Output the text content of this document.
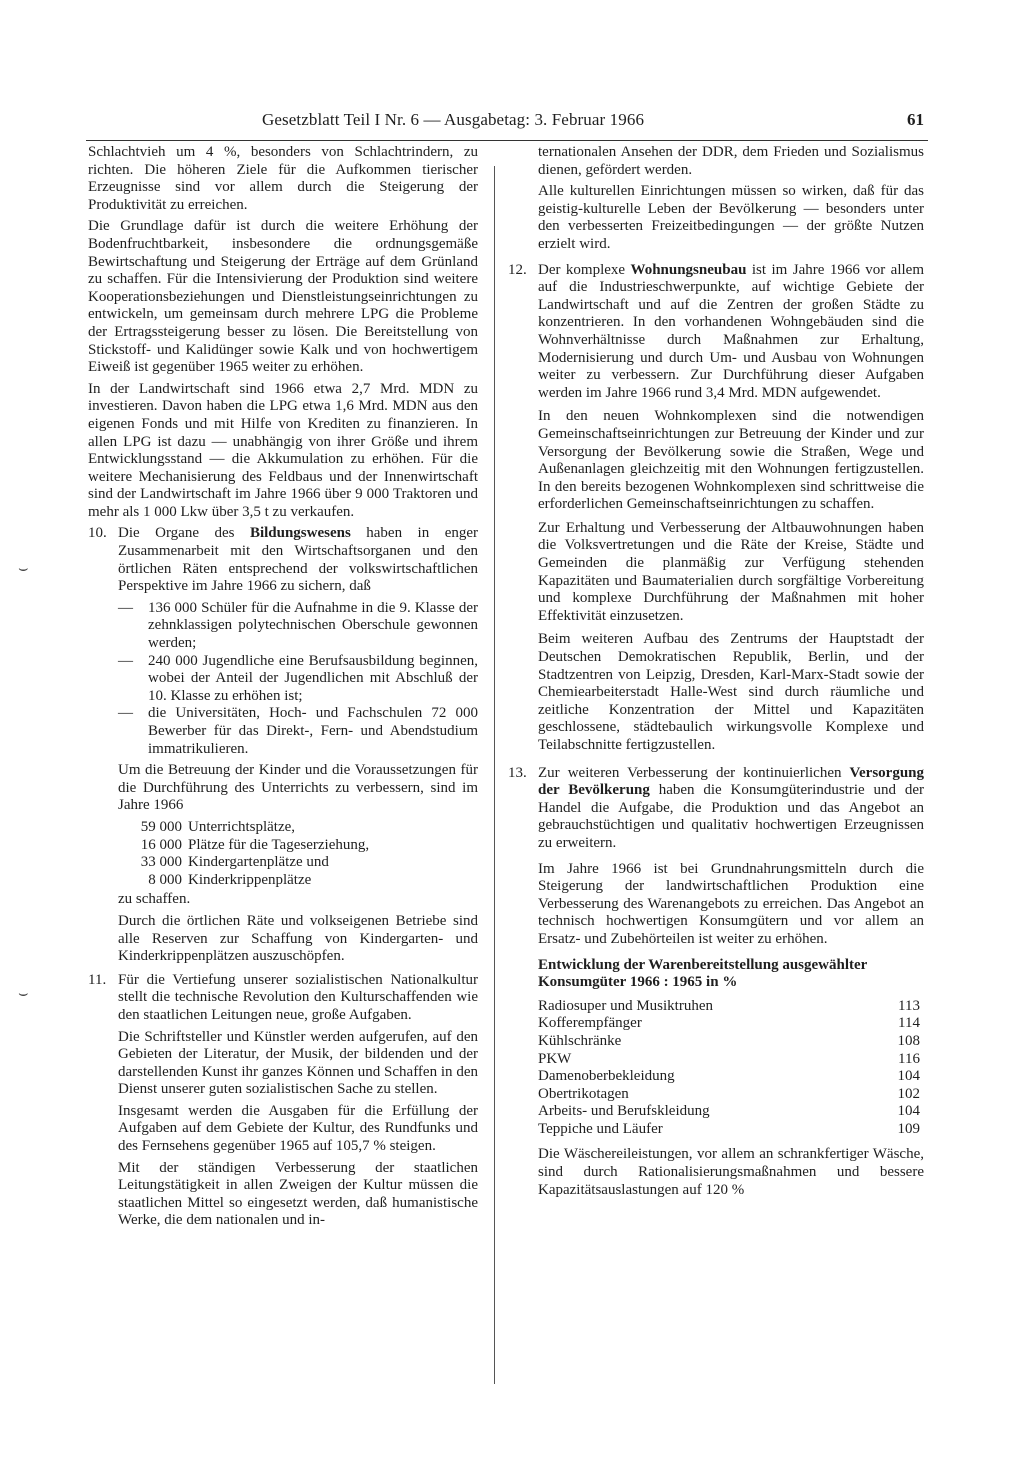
Gesetzblatt Teil I Nr. 6 — Ausgabetag: 3. Februar 1966	61
⌣
⌣

Schlachtvieh um 4 %, besonders von Schlachtrindern, zu richten. Die höheren Ziele für die Aufkommen tierischer Erzeugnisse sind vor allem durch die Steigerung der Produktivität zu erreichen.

Die Grundlage dafür ist durch die weitere Erhöhung der Bodenfruchtbarkeit, insbesondere die ordnungsgemäße Bewirtschaftung und Steigerung der Erträge auf dem Grünland zu schaffen. Für die Intensivierung der Produktion sind weitere Kooperationsbeziehungen und Dienstleistungseinrichtungen zu entwickeln, um gemeinsam durch mehrere LPG die Probleme der Ertragssteigerung besser zu lösen. Die Bereitstellung von Stickstoff- und Kalidünger sowie Kalk und von hochwertigem Eiweiß ist gegenüber 1965 weiter zu erhöhen.

In der Landwirtschaft sind 1966 etwa 2,7 Mrd. MDN zu investieren. Davon haben die LPG etwa 1,6 Mrd. MDN aus den eigenen Fonds und mit Hilfe von Krediten zu finanzieren. In allen LPG ist dazu — unabhängig von ihrer Größe und ihrem Entwicklungsstand — die Akkumulation zu erhöhen. Für die weitere Mechanisierung des Feldbaus und der Innenwirtschaft sind der Landwirtschaft im Jahre 1966 über 9 000 Traktoren und mehr als 1 000 Lkw über 3,5 t zu verkaufen.

10. Die Organe des Bildungswesens haben in enger Zusammenarbeit mit den Wirtschaftsorganen und den örtlichen Räten entsprechend der volkswirtschaftlichen Perspektive im Jahre 1966 zu sichern, daß

— 136 000 Schüler für die Aufnahme in die 9. Klasse der zehnklassigen polytechnischen Oberschule gewonnen werden;

— 240 000 Jugendliche eine Berufsausbildung beginnen, wobei der Anteil der Jugendlichen mit Abschluß der 10. Klasse zu erhöhen ist;

— die Universitäten, Hoch- und Fachschulen 72 000 Bewerber für das Direkt-, Fern- und Abendstudium immatrikulieren.

Um die Betreuung der Kinder und die Voraussetzungen für die Durchführung des Unterrichts zu verbessern, sind im Jahre 1966

59 000 Unterrichtsplätze,
16 000 Plätze für die Tageserziehung,
33 000 Kindergartenplätze und
8 000 Kinderkrippenplätze

zu schaffen.

Durch die örtlichen Räte und volkseigenen Betriebe sind alle Reserven zur Schaffung von Kindergarten- und Kinderkrippenplätzen auszuschöpfen.

11. Für die Vertiefung unserer sozialistischen Nationalkultur stellt die technische Revolution den Kulturschaffenden wie den staatlichen Leitungen neue, große Aufgaben.

Die Schriftsteller und Künstler werden aufgerufen, auf den Gebieten der Literatur, der Musik, der bildenden und der darstellenden Kunst ihr ganzes Können und Schaffen in den Dienst unserer guten sozialistischen Sache zu stellen.

Insgesamt werden die Ausgaben für die Erfüllung der Aufgaben auf dem Gebiete der Kultur, des Rundfunks und des Fernsehens gegenüber 1965 auf 105,7 % steigen.

Mit der ständigen Verbesserung der staatlichen Leitungstätigkeit in allen Zweigen der Kultur müssen die staatlichen Mittel so eingesetzt werden, daß humanistische Werke, die dem nationalen und in-

ternationalen Ansehen der DDR, dem Frieden und Sozialismus dienen, gefördert werden.

Alle kulturellen Einrichtungen müssen so wirken, daß für das geistig-kulturelle Leben der Bevölkerung — besonders unter den verbesserten Freizeitbedingungen — der größte Nutzen erzielt wird.

12. Der komplexe Wohnungsneubau ist im Jahre 1966 vor allem auf die Industrieschwerpunkte, auf wichtige Gebiete der Landwirtschaft und auf die Zentren der großen Städte zu konzentrieren. In den vorhandenen Wohngebäuden sind die Wohnverhältnisse durch Maßnahmen zur Erhaltung, Modernisierung und durch Um- und Ausbau von Wohnungen weiter zu verbessern. Zur Durchführung dieser Aufgaben werden im Jahre 1966 rund 3,4 Mrd. MDN aufgewendet.

In den neuen Wohnkomplexen sind die notwendigen Gemeinschaftseinrichtungen zur Betreuung der Kinder und zur Versorgung der Bevölkerung sowie die Straßen, Wege und Außenanlagen gleichzeitig mit den Wohnungen fertigzustellen. In den bereits bezogenen Wohnkomplexen sind schrittweise die erforderlichen Gemeinschaftseinrichtungen zu schaffen.

Zur Erhaltung und Verbesserung der Altbauwohnungen haben die Volksvertretungen und die Räte der Kreise, Städte und Gemeinden die planmäßig zur Verfügung stehenden Kapazitäten und Baumaterialien durch sorgfältige Vorbereitung und komplexe Durchführung der Maßnahmen mit hoher Effektivität einzusetzen.

Beim weiteren Aufbau des Zentrums der Hauptstadt der Deutschen Demokratischen Republik, Berlin, und der Stadtzentren von Leipzig, Dresden, Karl-Marx-Stadt sowie der Chemiearbeiterstadt Halle-West sind durch räumliche und zeitliche Konzentration der Mittel und Kapazitäten geschlossene, städtebaulich wirkungsvolle Komplexe und Teilabschnitte fertigzustellen.

13. Zur weiteren Verbesserung der kontinuierlichen Versorgung der Bevölkerung haben die Konsumgüterindustrie und der Handel die Aufgabe, die Produktion und das Angebot an gebrauchstüchtigen und qualitativ hochwertigen Erzeugnissen zu erweitern.

Im Jahre 1966 ist bei Grundnahrungsmitteln durch die Steigerung der landwirtschaftlichen Produktion eine Verbesserung des Warenangebots zu erreichen. Das Angebot an technisch hochwertigen Konsumgütern und vor allem an Ersatz- und Zubehörteilen ist weiter zu erhöhen.

Entwicklung der Warenbereitstellung ausgewählter Konsumgüter 1966 : 1965 in %

Radiosuper und Musiktruhen	113
Kofferempfänger	114
Kühlschränke	108
PKW	116
Damenoberbekleidung	104
Obertrikotagen	102
Arbeits- und Berufskleidung	104
Teppiche und Läufer	109

Die Wäschereileistungen, vor allem an schrankfertiger Wäsche, sind durch Rationalisierungsmaßnahmen und bessere Kapazitätsauslastungen auf 120 %
